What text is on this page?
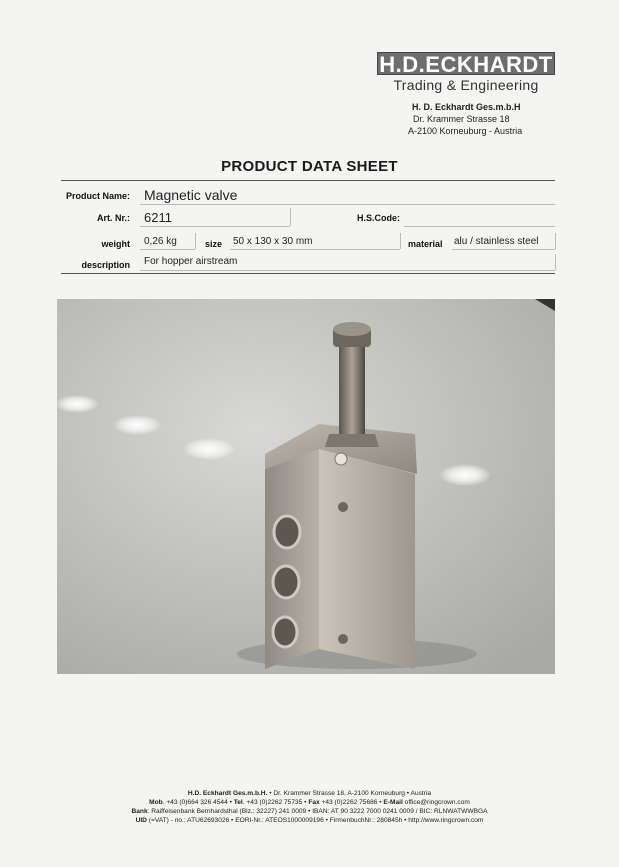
H.D.ECKHARDT
Trading & Engineering
H. D. Eckhardt Ges.m.b.H
Dr. Krammer Strasse 18
A-2100 Korneuburg - Austria
PRODUCT DATA SHEET
Product Name: Magnetic valve
Art. Nr.: 6211	H.S.Code:
weight 0,26 kg	size	50 x 130 x 30 mm	material	alu / stainless steel
description For hopper airstream
H.D. Eckhardt Ges.m.b.H. • Dr. Krammer Strasse 18, A-2100 Korneuburg • Austria
Mob. +43 (0)664 326 4544 • Tel. +43 (0)2262 75735 • Fax +43 (0)2262 75686 • E-Mail office@ringcrown.com
Bank: Raiffeisenbank Bernhardsthal (Blz.: 32227) 241 0009 • IBAN: AT 90 3222 7000 0241 0009 / BIC: RLNWATWWBGA
UID (=VAT) - no.: ATU62693026 • EORI-Nr.: ATEOS1000009196 • FirmenbuchNr.: 280845h • http://www.ringcrown.com
